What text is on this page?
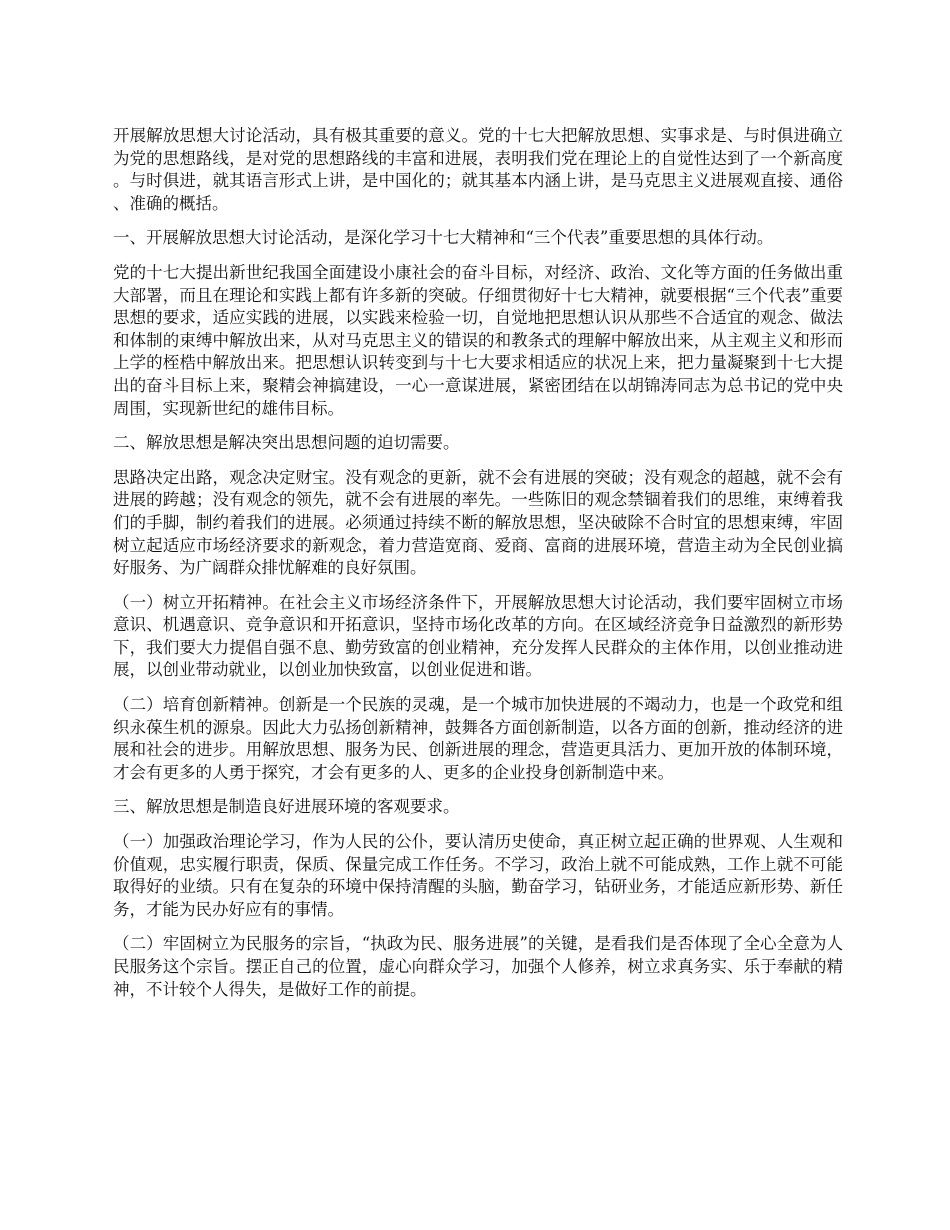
开展解放思想大讨论活动，具有极其重要的意义。党的十七大把解放思想、实事求是、与时俱进确立为党的思想路线，是对党的思想路线的丰富和进展，表明我们党在理论上的自觉性达到了一个新高度。与时俱进，就其语言形式上讲，是中国化的；就其基本内涵上讲，是马克思主义进展观直接、通俗、准确的概括。

一、开展解放思想大讨论活动，是深化学习十七大精神和“三个代表”重要思想的具体行动。

党的十七大提出新世纪我国全面建设小康社会的奋斗目标，对经济、政治、文化等方面的任务做出重大部署，而且在理论和实践上都有许多新的突破。仔细贯彻好十七大精神，就要根据“三个代表”重要思想的要求，适应实践的进展，以实践来检验一切，自觉地把思想认识从那些不合适宜的观念、做法和体制的束缚中解放出来，从对马克思主义的错误的和教条式的理解中解放出来，从主观主义和形而上学的桎梏中解放出来。把思想认识转变到与十七大要求相适应的状况上来，把力量凝聚到十七大提出的奋斗目标上来，聚精会神搞建设，一心一意谋进展，紧密团结在以胡锦涛同志为总书记的党中央周围，实现新世纪的雄伟目标。

二、解放思想是解决突出思想问题的迫切需要。

思路决定出路，观念决定财宝。没有观念的更新，就不会有进展的突破；没有观念的超越，就不会有进展的跨越；没有观念的领先，就不会有进展的率先。一些陈旧的观念禁锢着我们的思维，束缚着我们的手脚，制约着我们的进展。必须通过持续不断的解放思想，坚决破除不合时宜的思想束缚，牢固树立起适应市场经济要求的新观念，着力营造宽商、爱商、富商的进展环境，营造主动为全民创业搞好服务、为广阔群众排忧解难的良好氛围。

（一）树立开拓精神。在社会主义市场经济条件下，开展解放思想大讨论活动，我们要牢固树立市场意识、机遇意识、竞争意识和开拓意识，坚持市场化改革的方向。在区域经济竞争日益激烈的新形势下，我们要大力提倡自强不息、勤劳致富的创业精神，充分发挥人民群众的主体作用，以创业推动进展，以创业带动就业，以创业加快致富，以创业促进和谐。

（二）培育创新精神。创新是一个民族的灵魂，是一个城市加快进展的不竭动力，也是一个政党和组织永葆生机的源泉。因此大力弘扬创新精神，鼓舞各方面创新制造，以各方面的创新，推动经济的进展和社会的进步。用解放思想、服务为民、创新进展的理念，营造更具活力、更加开放的体制环境，才会有更多的人勇于探究，才会有更多的人、更多的企业投身创新制造中来。

三、解放思想是制造良好进展环境的客观要求。

（一）加强政治理论学习，作为人民的公仆，要认清历史使命，真正树立起正确的世界观、人生观和价值观，忠实履行职责，保质、保量完成工作任务。不学习，政治上就不可能成熟，工作上就不可能取得好的业绩。只有在复杂的环境中保持清醒的头脑，勤奋学习，钻研业务，才能适应新形势、新任务，才能为民办好应有的事情。

（二）牢固树立为民服务的宗旨，“执政为民、服务进展”的关键，是看我们是否体现了全心全意为人民服务这个宗旨。摆正自己的位置，虚心向群众学习，加强个人修养，树立求真务实、乐于奉献的精神，不计较个人得失，是做好工作的前提。
